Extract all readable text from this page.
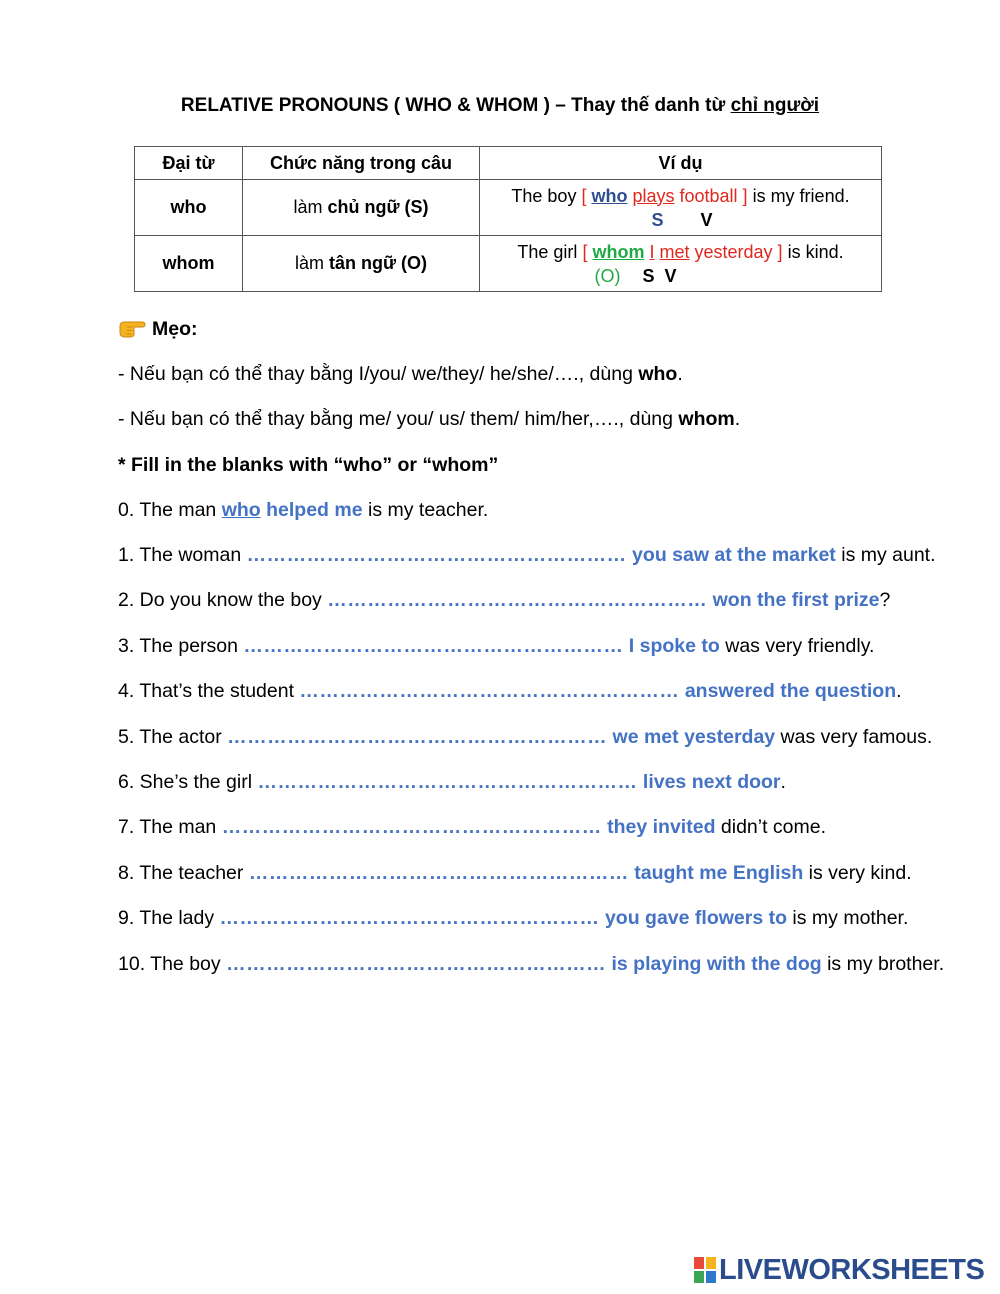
RELATIVE PRONOUNS ( WHO & WHOM ) – Thay thế danh từ chỉ người
Đại từ	Chức năng trong câu	Ví dụ
who	làm chủ ngữ (S)	The boy [ who plays football ] is my friend.
S V

whom	làm tân ngữ (O)	The girl [ whom I met yesterday ] is kind.
(O) S V
Mẹo:
- Nếu bạn có thể thay bằng I/you/ we/they/ he/she/…., dùng who.
- Nếu bạn có thể thay bằng me/ you/ us/ them/ him/her,…., dùng whom.
* Fill in the blanks with “who” or “whom”
0. The man who helped me is my teacher.
1. The woman ………………………………………………… you saw at the market is my aunt.
2. Do you know the boy ………………………………………………… won the first prize?
3. The person ………………………………………………… I spoke to was very friendly.
4. That’s the student ………………………………………………… answered the question.
5. The actor ………………………………………………… we met yesterday was very famous.
6. She’s the girl ………………………………………………… lives next door.
7. The man ………………………………………………… they invited didn’t come.
8. The teacher ………………………………………………… taught me English is very kind.
9. The lady ………………………………………………… you gave flowers to is my mother.
10. The boy ………………………………………………… is playing with the dog is my brother.
LIVEWORKSHEETS
